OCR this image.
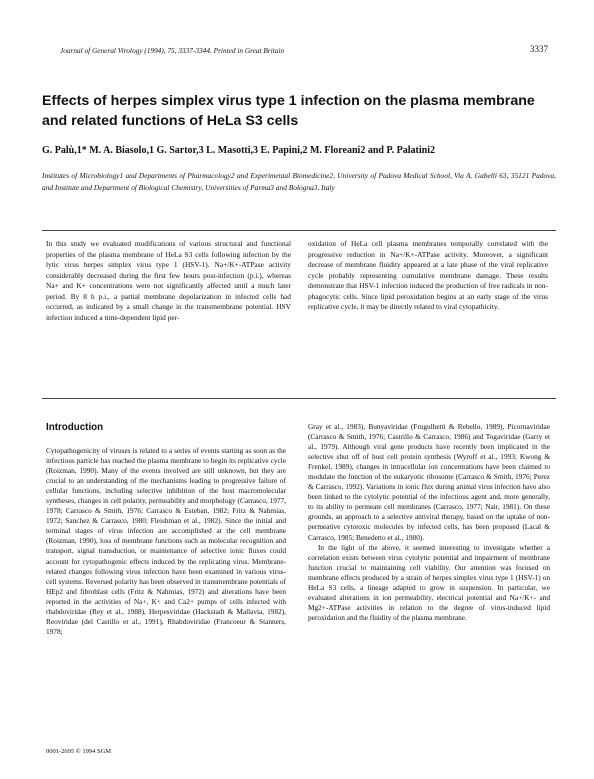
Journal of General Virology (1994), 75, 3337-3344. Printed in Great Britain	3337
Effects of herpes simplex virus type 1 infection on the plasma membrane and related functions of HeLa S3 cells
G. Palù,1* M. A. Biasolo,1 G. Sartor,3 L. Masotti,3 E. Papini,2 M. Floreani2 and P. Palatini2
Institutes of Microbiology1 and Departments of Pharmacology2 and Experimental Biomedicine2, University of Padova Medical School, Via A. Gabelli 63, 35121 Padova, and Institute and Department of Biological Chemistry, Universities of Parma3 and Bologna3, Italy
In this study we evaluated modifications of various structural and functional properties of the plasma membrane of HeLa S3 cells following infection by the lytic virus herpes simplex virus type 1 (HSV-1). Na+/K+-ATPase activity considerably decreased during the first few hours post-infection (p.i.), whereas Na+ and K+ concentrations were not significantly affected until a much later period. By 8 h p.i., a partial membrane depolarization in infected cells had occurred, as indicated by a small change in the transmembrane potential. HSV infection induced a time-dependent lipid per-
oxidation of HeLa cell plasma membranes temporally correlated with the progressive reduction in Na+/K+-ATPase activity. Moreover, a significant decrease of membrane fluidity appeared at a late phase of the viral replicative cycle probably representing cumulative membrane damage. These results demonstrate that HSV-1 infection induced the production of free radicals in non-phagocytic cells. Since lipid peroxidation begins at an early stage of the virus replicative cycle, it may be directly related to viral cytopathicity.
Introduction

Cytopathogenicity of viruses is related to a series of events starting as soon as the infectious particle has reached the plasma membrane to begin its replicative cycle (Roizman, 1990). Many of the events involved are still unknown, but they are crucial to an understanding of the mechanisms leading to progressive failure of cellular functions, including selective inhibition of the host macromolecular syntheses, changes in cell polarity, permeability and morphology (Carrasco, 1977, 1978; Carrasco & Smith, 1976; Carrasco & Esteban, 1982; Fritz & Nahmias, 1972; Sanchez & Carrasco, 1980; Fleishman et al., 1982). Since the initial and terminal stages of virus infection are accomplished at the cell membrane (Roizman, 1990), loss of membrane functions such as molecular recognition and transport, signal transduction, or maintenance of selective ionic fluxes could account for cytopathogenic effects induced by the replicating virus. Membrane-related changes following virus infection have been examined in various virus-cell systems. Reversed polarity has been observed in transmembrane potentials of HEp2 and fibroblast cells (Fritz & Nahmias, 1972) and alterations have been reported in the activities of Na+, K+ and Ca2+ pumps of cells infected with rhabdoviridae (Rey et al., 1988), Herpesviridae (Hackstadt & Mallavia, 1982), Reoviridae (del Castillo et al., 1991), Rhabdoviridae (Francoeur & Stanners, 1978;

Gray et al., 1983), Bunyaviridae (Frugulhetti & Rebello, 1989), Picornaviridae (Carrasco & Smith, 1976; Castrillo & Carrasco, 1986) and Togaviridae (Garry et al., 1979). Although viral gene products have recently been implicated in the selective shut off of host cell protein synthesis (Wyroff et al., 1993; Kwong & Frenkel, 1989), changes in intracellular ion concentrations have been claimed to modulate the function of the eukaryotic ribosome (Carrasco & Smith, 1976; Perez & Carrasco, 1992). Variations in ionic flux during animal virus infection have also been linked to the cytolytic potential of the infectious agent and, more generally, to its ability to permeate cell membranes (Carrasco, 1977; Nair, 1981). On these grounds, an approach to a selective antiviral therapy, based on the uptake of non-permeative cytotoxic molecules by infected cells, has been proposed (Lacal & Carrasco, 1985; Benedetto et al., 1980).

In the light of the above, it seemed interesting to investigate whether a correlation exists between virus cytolytic potential and impairment of membrane function crucial to maintaining cell viability. Our attention was focused on membrane effects produced by a strain of herpes simplex virus type 1 (HSV-1) on HeLa S3 cells, a lineage adapted to grow in suspension. In particular, we evaluated alterations in ion permeability, electrical potential and Na+/K+- and Mg2+-ATPase activities in relation to the degree of virus-induced lipid peroxidation and the fluidity of the plasma membrane.

0001-2695 © 1994 SGM
